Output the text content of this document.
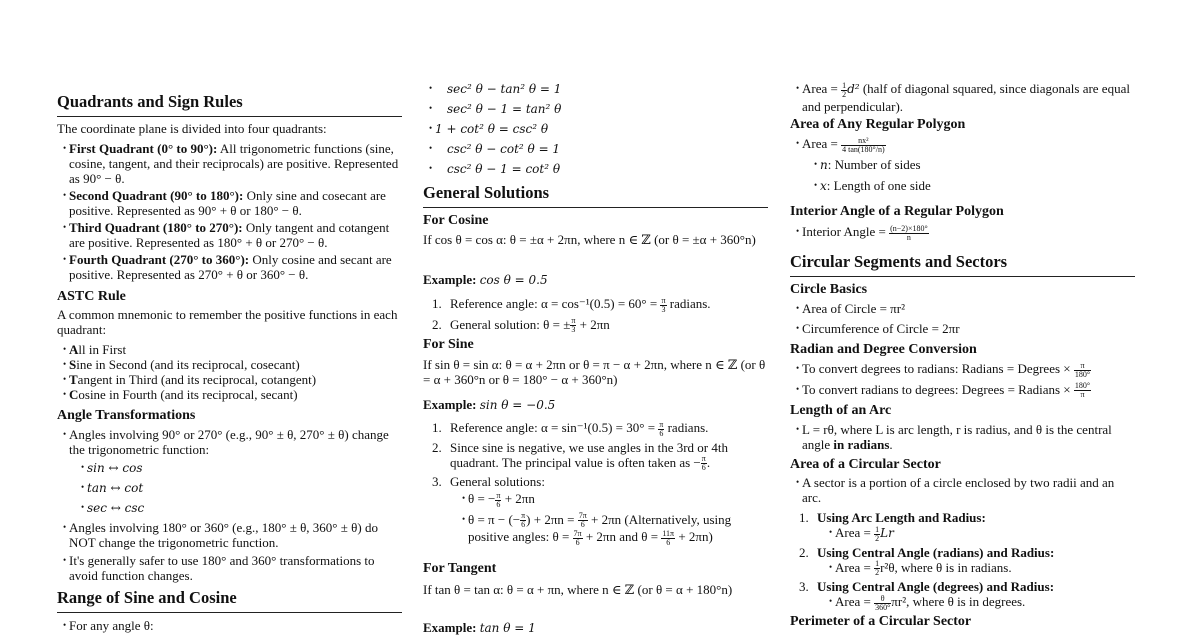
Quadrants and Sign Rules

The coordinate plane is divided into four quadrants:

• First Quadrant (0° to 90°): All trigonometric functions (sine, cosine, tangent, and their reciprocals) are positive. Represented as 90° − θ.
• Second Quadrant (90° to 180°): Only sine and cosecant are positive. Represented as 90° + θ or 180° − θ.
• Third Quadrant (180° to 270°): Only tangent and cotangent are positive. Represented as 180° + θ or 270° − θ.
• Fourth Quadrant (270° to 360°): Only cosine and secant are positive. Represented as 270° + θ or 360° − θ.
ASTC Rule

A common mnemonic to remember the positive functions in each quadrant:

• All in First
• Sine in Second (and its reciprocal, cosecant)
• Tangent in Third (and its reciprocal, cotangent)
• Cosine in Fourth (and its reciprocal, secant)
Angle Transformations
• Angles involving 90° or 270° (e.g., 90° ± θ, 270° ± θ) change the trigonometric function:
• sin ↔ cos
• tan ↔ cot
• sec ↔ csc
• Angles involving 180° or 360° (e.g., 180° ± θ, 360° ± θ) do NOT change the trigonometric function.
• It's generally safer to use 180° and 360° transformations to avoid function changes.
Range of Sine and Cosine
• For any angle θ:
• sec² θ − tan² θ = 1
• sec² θ − 1 = tan² θ
• 1 + cot² θ = csc² θ
• csc² θ − cot² θ = 1
• csc² θ − 1 = cot² θ
General Solutions
For Cosine

If cos θ = cos α: θ = ±α + 2πn, where n ∈ ℤ (or θ = ±α + 360°n)

Example: cos θ = 0.5

1. Reference angle: $\alpha = \cos^{-1}(0.5) = 60^\circ = \frac{\pi}{3}$ radians.
2. General solution: θ = ± $\frac{\pi}{3} + 2\pi n$
For Sine

If sin θ = sin α: θ = α + 2πn or θ = π − α + 2πn, where n ∈ ℤ (or θ = α + 360°n or θ = 180° − α + 360°n)

Example: sin θ = −0.5

1. Reference angle: $\alpha = \sin^{-1}(0.5) = 30^\circ = \frac{\pi}{6}$ radians.
2. Since sine is negative, we use angles in the 3rd or 4th quadrant. The principal value is often taken as − $\frac{\pi}{6}$ .
3. General solutions:
• θ = − $\frac{\pi}{6} + 2\pi n$
• θ = π − (− $\frac{\pi}{6}$ ) + $2\pi n = \frac{7\pi}{6} + 2\pi n$ (Alternatively, using positive angles: $\theta = \frac{7\pi}{6} + 2\pi n$ and $\theta = \frac{11\pi}{6} + 2\pi n$)
For Tangent

If tan θ = tan α: θ = α + πn, where n ∈ ℤ (or θ = α + 180°n)

Example: tan θ = 1

• Area = $\frac{1}{2} d^2$ (half of diagonal squared, since diagonals are equal and perpendicular).
Area of Any Regular Polygon
• Area = $\frac{\text{nx²}}{4 \tan(180^\circ/n)}$
• n: Number of sides
• x: Length of one side
Interior Angle of a Regular Polygon
• Interior Angle = $\frac{(n-2)\times 180^\circ}{n}$
Circular Segments and Sectors
Circle Basics
• Area of Circle = πr²
• Circumference of Circle = 2πr
Radian and Degree Conversion
• To convert degrees to radians: Radians = Degrees × $\frac{\pi}{180^\circ}$
• To convert radians to degrees: Degrees = Radians × $\frac{180^\circ}{\pi}$
Length of an Arc
• L = rθ, where L is arc length, r is radius, and θ is the central angle in radians.
Area of a Circular Sector
• A sector is a portion of a circle enclosed by two radii and an arc.
1. Using Arc Length and Radius:
• Area = $\frac{1}{2}$ Lr
2. Using Central Angle (radians) and Radius:
• Area = $\frac{1}{2} r^2\theta$, where θ is in radians.
3. Using Central Angle (degrees) and Radius:
• Area = $\frac{\theta}{360^\circ} \pi r^2$, where θ is in degrees.
Perimeter of a Circular Sector
